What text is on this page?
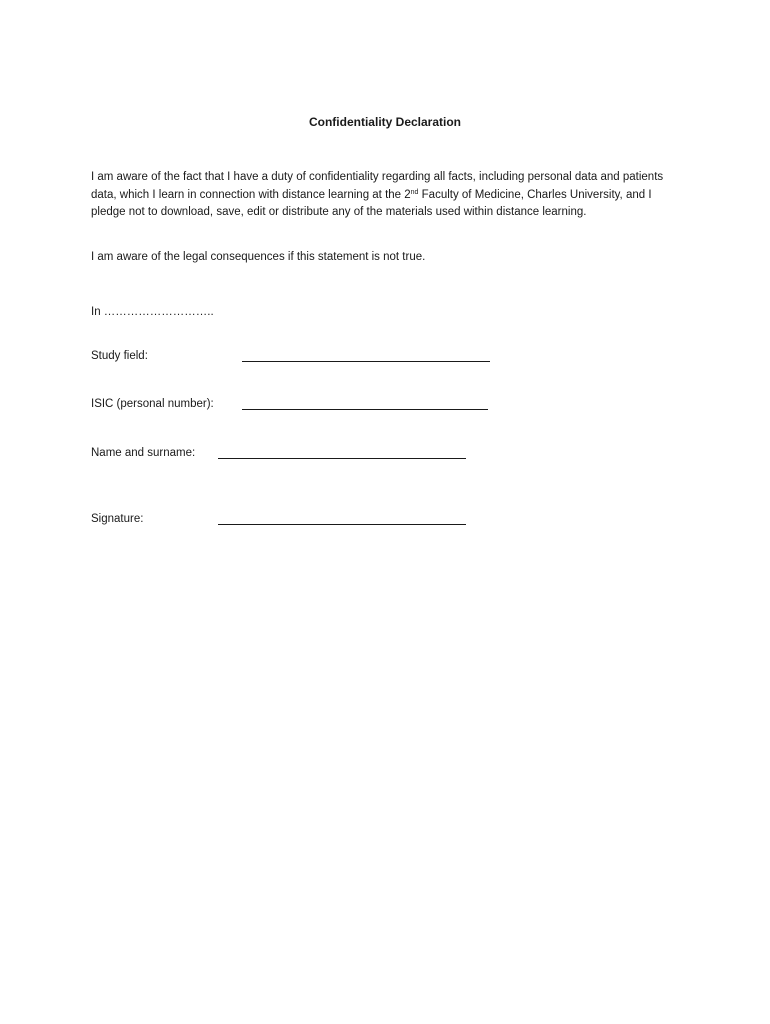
Confidentiality Declaration

I am aware of the fact that I have a duty of confidentiality regarding all facts, including personal data and patients data, which I learn in connection with distance learning at the 2nd Faculty of Medicine, Charles University, and I pledge not to download, save, edit or distribute any of the materials used within distance learning.

I am aware of the legal consequences if this statement is not true.

In ………………………..
Study field:
ISIC (personal number):
Name and surname:
Signature:
